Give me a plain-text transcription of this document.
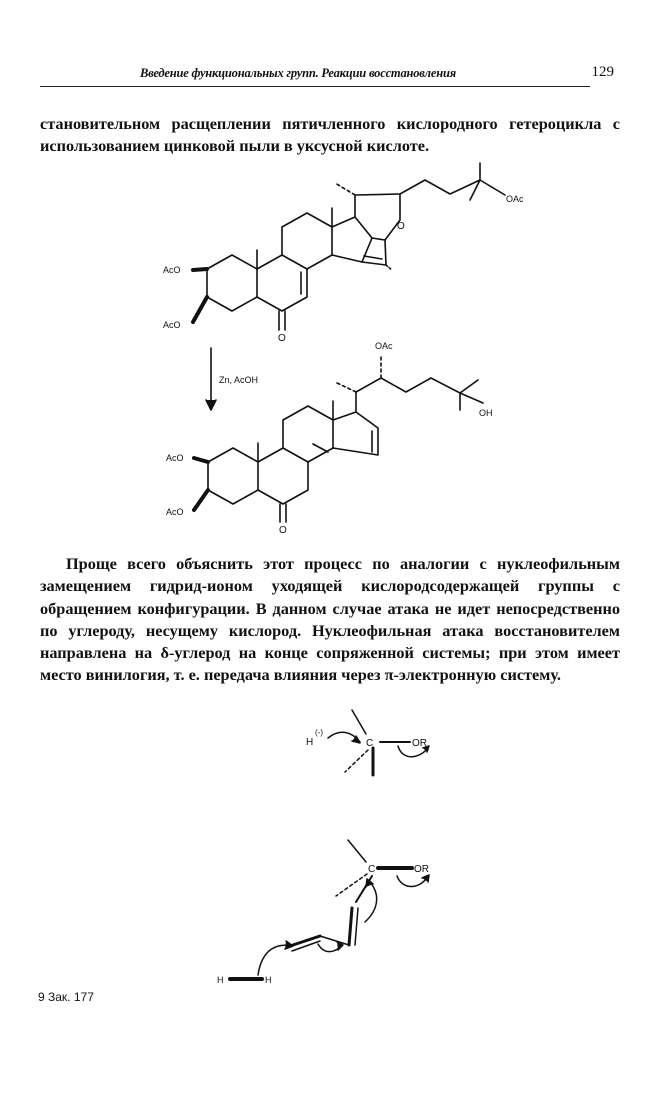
Введение функциональных групп. Реакции восстановления	129

становительном расщеплении пятичленного кислородного гетероцикла с использованием цинковой пыли в уксусной кислоте.

OAc
O
AcO
AcO
O
Zn, AcOH
OAc
OH
AcO
AcO
O

Проще всего объяснить этот процесс по аналогии с нуклеофильным замещением гидрид-ионом уходящей кислородсодержащей группы с обращением конфигурации. В данном случае атака не идет непосредственно по углероду, несущему кислород. Нуклеофильная атака восстановителем направлена на δ-углерод на конце сопряженной системы; при этом имеет место винилогия, т. е. передача влияния через π-электронную систему.

H
(-)
C	OR
C	OR
H	H
9 Зак. 177
